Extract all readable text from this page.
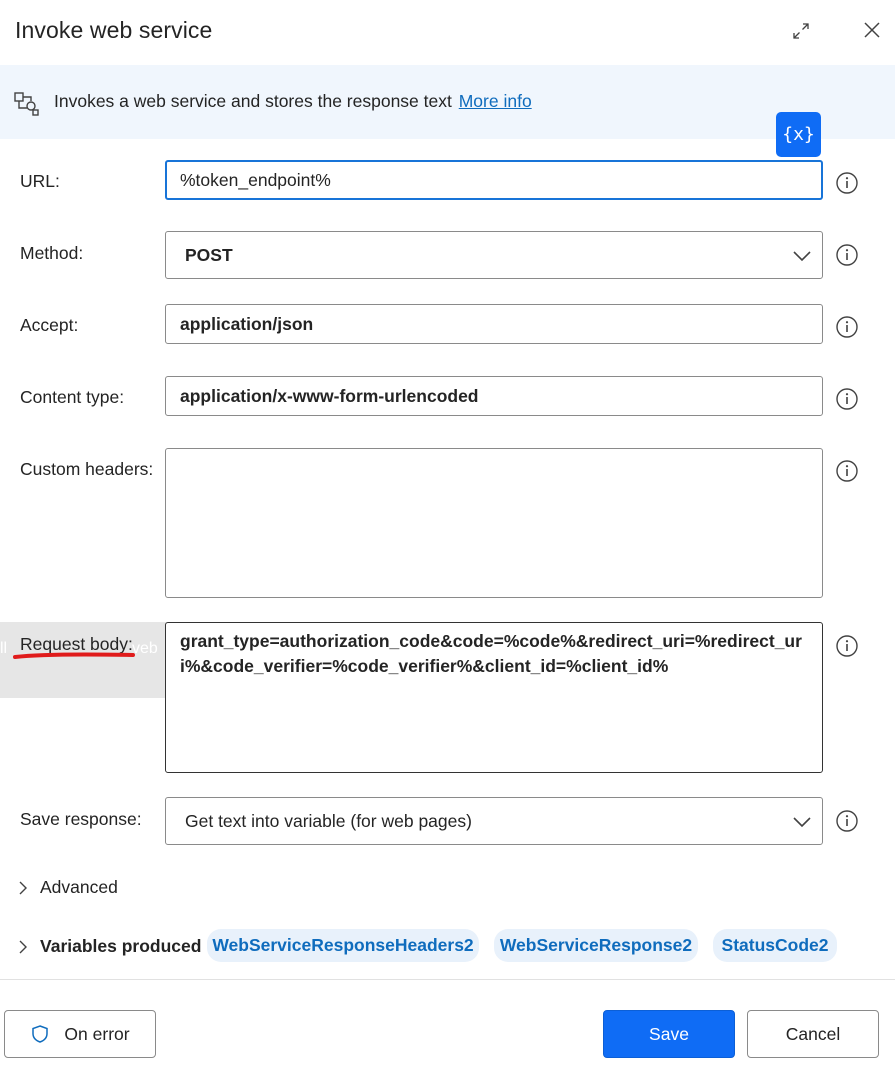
Invoke web service
Invokes a web service and stores the response text More info
{x}
URL:	%token_endpoint%
Method:	POST
Accept:	application/json
Content type:	application/x-www-form-urlencoded
Custom headers:
ll	veb
Request body:	grant_type=authorization_code&code=%code%&redirect_uri=%redirect_uri%&code_verifier=%code_verifier%&client_id=%client_id%
Save response: Get text into variable (for web pages)
Advanced
Variables produced WebServiceResponseHeaders2	WebServiceResponse2	StatusCode2
On error	Save	Cancel
